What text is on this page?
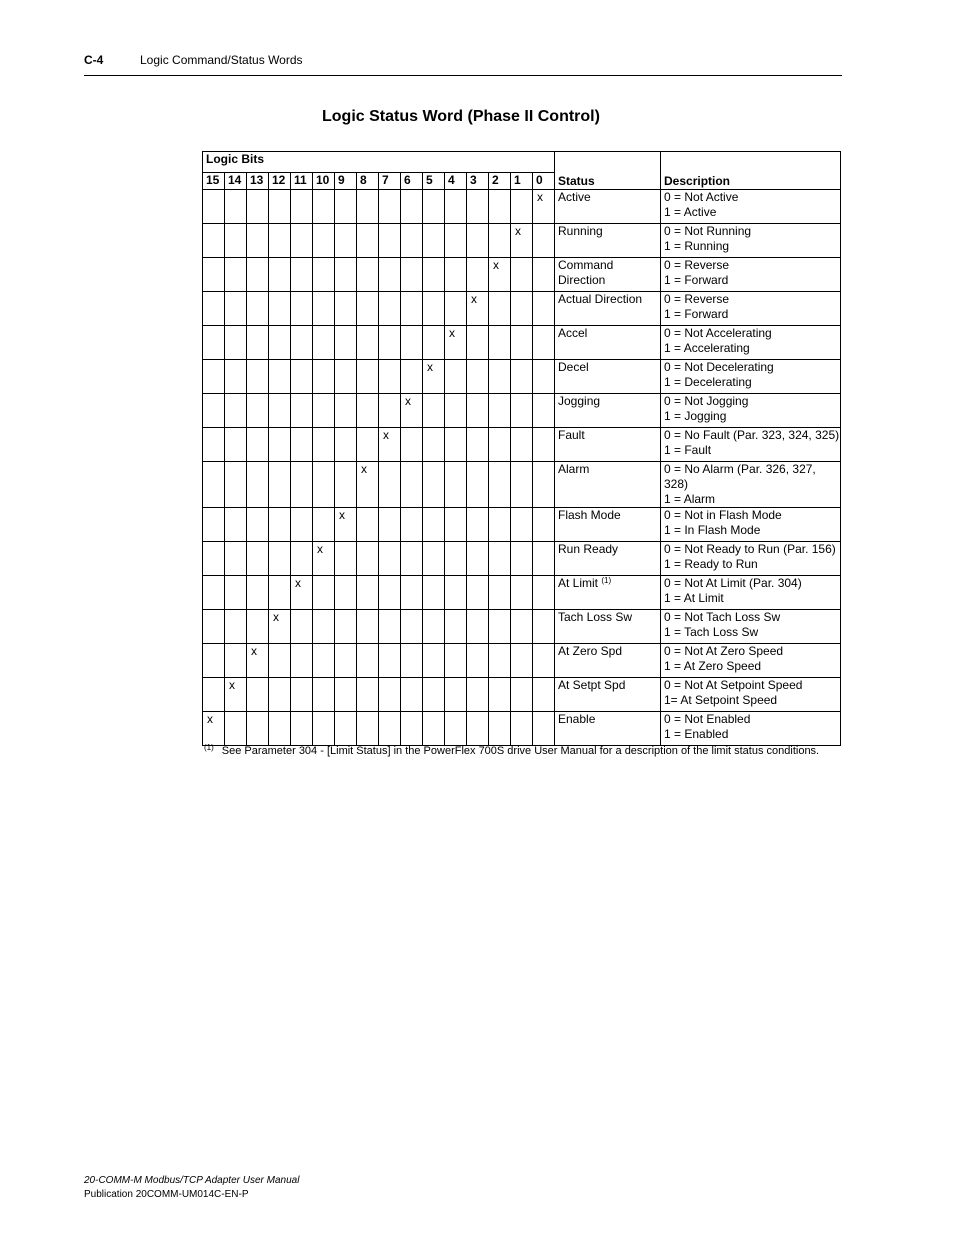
C-4	Logic Command/Status Words
Logic Status Word (Phase II Control)
Logic Bits																Status	Description
15	14	13	12	11	10	9	8	7	6	5	4	3	2	1	0		
															x	Active	0 = Not Active
1 = Active

														x		Running	0 = Not Running
1 = Running

													x			Command Direction	0 = Reverse
1 = Forward

												x				Actual Direction	0 = Reverse
1 = Forward

											x					Accel	0 = Not Accelerating
1 = Accelerating

										x						Decel	0 = Not Decelerating
1 = Decelerating

									x							Jogging	0 = Not Jogging
1 = Jogging

								x								Fault	0 = No Fault (Par. 323, 324, 325)
1 = Fault

							x									Alarm	0 = No Alarm (Par. 326, 327, 328)
1 = Alarm

						x										Flash Mode	0 = Not in Flash Mode
1 = In Flash Mode

					x											Run Ready	0 = Not Ready to Run (Par. 156)
1 = Ready to Run

				x												At Limit $^{(1)}$	0 = Not At Limit (Par. 304)
1 = At Limit

			x													Tach Loss Sw	0 = Not Tach Loss Sw
1 = Tach Loss Sw

		x														At Zero Spd	0 = Not At Zero Speed
1 = At Zero Speed

	x															At Setpt Spd	0 = Not At Setpoint Speed
1= At Setpoint Speed

x																Enable	0 = Not Enabled
1 = Enabled
$^{(1)}$ See Parameter 304 - [Limit Status] in the PowerFlex 700S drive User Manual for a description of the limit status conditions.
20-COMM-M Modbus/TCP Adapter User Manual
Publication 20COMM-UM014C-EN-P
